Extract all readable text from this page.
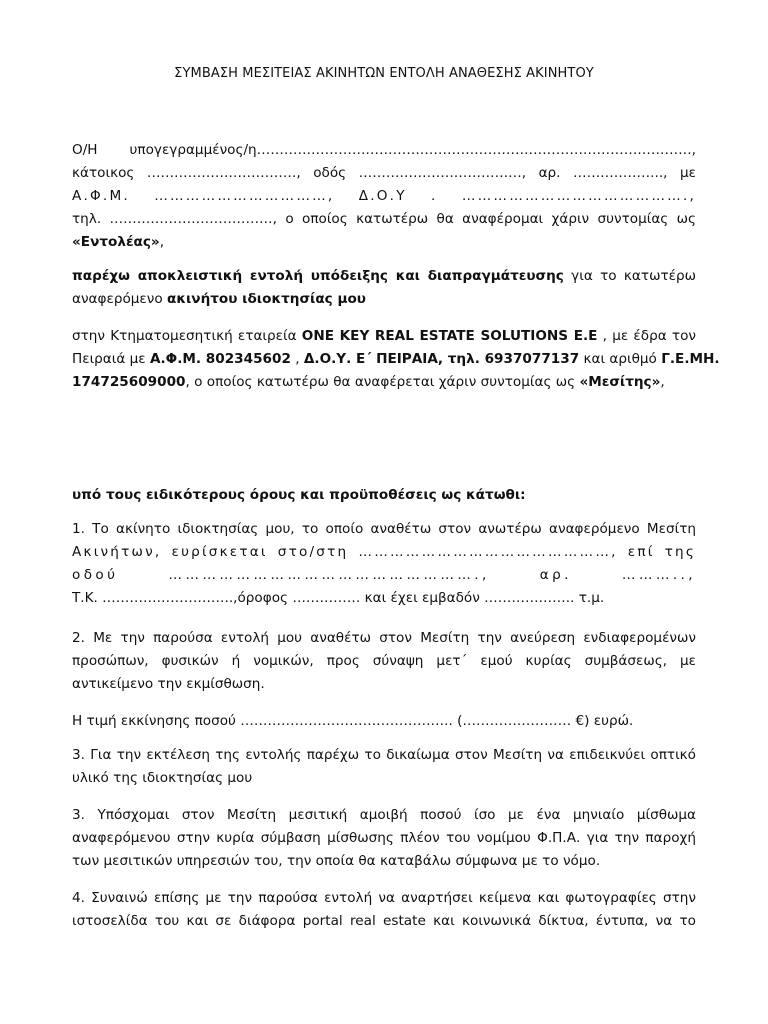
ΣΥΜΒΑΣΗ ΜΕΣΙΤΕΙΑΣ ΑΚΙΝΗΤΩΝ ΕΝΤΟΛΗ ΑΝΑΘΕΣΗΣ ΑΚΙΝΗΤΟΥ
Ο/Η υπογεγραμμένος/η……………………………………………………………………………………,
κάτοικος ……………………………, οδός ………………………………, αρ. ……………….., με
Α.Φ.Μ. ……………………………, Δ.Ο.Υ . …………………………………….,
τηλ. ………………………………, ο οποίος κατωτέρω θα αναφέρομαι χάριν συντομίας ως
«Εντολέας»,
παρέχω αποκλειστική εντολή υπόδειξης και διαπραγμάτευσης για το κατωτέρω
αναφερόμενο ακινήτου ιδιοκτησίας μου
στην Κτηματομεσητική εταιρεία ONE KEY REAL ESTATE SOLUTIONS E.E , με έδρα τον
Πειραιά με Α.Φ.Μ. 802345602 , Δ.Ο.Υ. Ε΄ ΠΕΙΡΑΙΑ, τηλ. 6937077137 και αριθμό Γ.Ε.ΜΗ.
174725609000, ο οποίος κατωτέρω θα αναφέρεται χάριν συντομίας ως «Μεσίτης»,
υπό τους ειδικότερους όρους και προϋποθέσεις ως κάτωθι:
1. Το ακίνητο ιδιοκτησίας μου, το οποίο αναθέτω στον ανωτέρω αναφερόμενο Μεσίτη
Ακινήτων, ευρίσκεται στο/στη …………………………………………, επί της
οδού ………………………………………………., αρ. ………..,
Τ.Κ. ………………………..,όροφος …………… και έχει εμβαδόν ……………….. τ.μ.
2. Με την παρούσα εντολή μου αναθέτω στον Μεσίτη την ανεύρεση ενδιαφερομένων
προσώπων, φυσικών ή νομικών, προς σύναψη μετ΄ εμού κυρίας συμβάσεως, με
αντικείμενο την εκμίσθωση.
Η τιμή εκκίνησης ποσού ……………………………………….. (…………………… €) ευρώ.
3. Για την εκτέλεση της εντολής παρέχω το δικαίωμα στον Μεσίτη να επιδεικνύει οπτικό
υλικό της ιδιοκτησίας μου
3. Υπόσχομαι στον Μεσίτη μεσιτική αμοιβή ποσού ίσο με ένα μηνιαίο μίσθωμα
αναφερόμενου στην κυρία σύμβαση μίσθωσης πλέον του νομίμου Φ.Π.Α. για την παροχή
των μεσιτικών υπηρεσιών του, την οποία θα καταβάλω σύμφωνα με το νόμο.
4. Συναινώ επίσης με την παρούσα εντολή να αναρτήσει κείμενα και φωτογραφίες στην
ιστοσελίδα του και σε διάφορα portal real estate και κοινωνικά δίκτυα, έντυπα, να το
